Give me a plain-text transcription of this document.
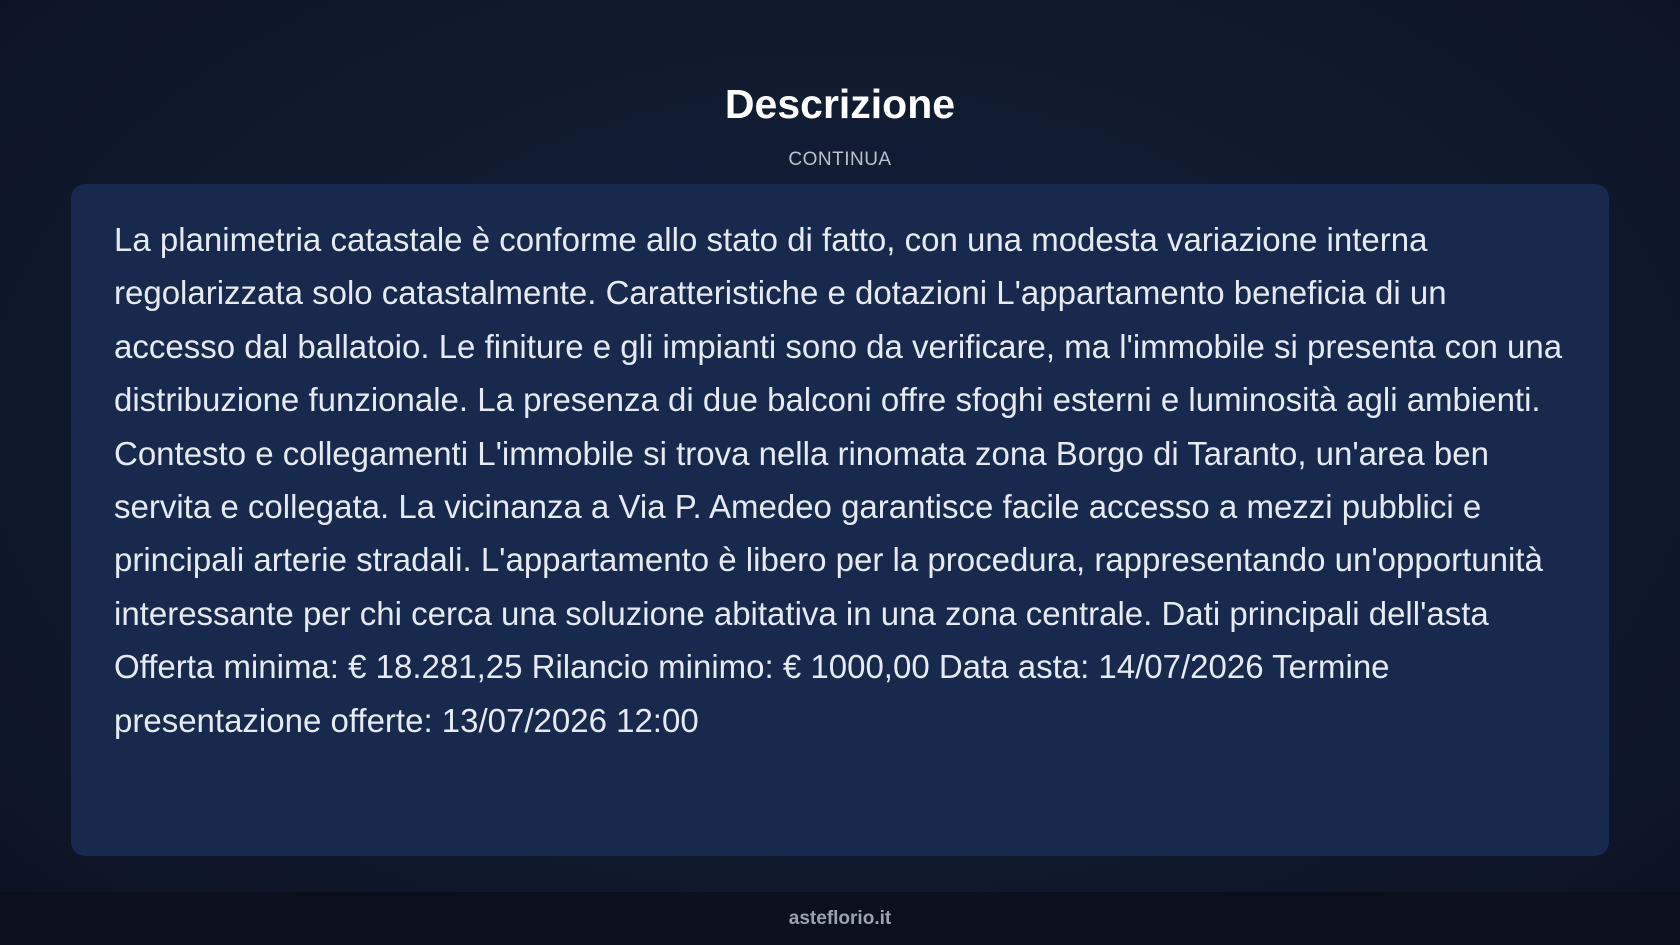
Descrizione
CONTINUA

La planimetria catastale è conforme allo stato di fatto, con una modesta variazione interna regolarizzata solo catastalmente. Caratteristiche e dotazioni L'appartamento beneficia di un accesso dal ballatoio. Le finiture e gli impianti sono da verificare, ma l'immobile si presenta con una distribuzione funzionale. La presenza di due balconi offre sfoghi esterni e luminosità agli ambienti. Contesto e collegamenti L'immobile si trova nella rinomata zona Borgo di Taranto, un'area ben servita e collegata. La vicinanza a Via P. Amedeo garantisce facile accesso a mezzi pubblici e principali arterie stradali. L'appartamento è libero per la procedura, rappresentando un'opportunità interessante per chi cerca una soluzione abitativa in una zona centrale. Dati principali dell'asta Offerta minima: € 18.281,25 Rilancio minimo: € 1000,00 Data asta: 14/07/2026 Termine presentazione offerte: 13/07/2026 12:00

asteflorio.it
